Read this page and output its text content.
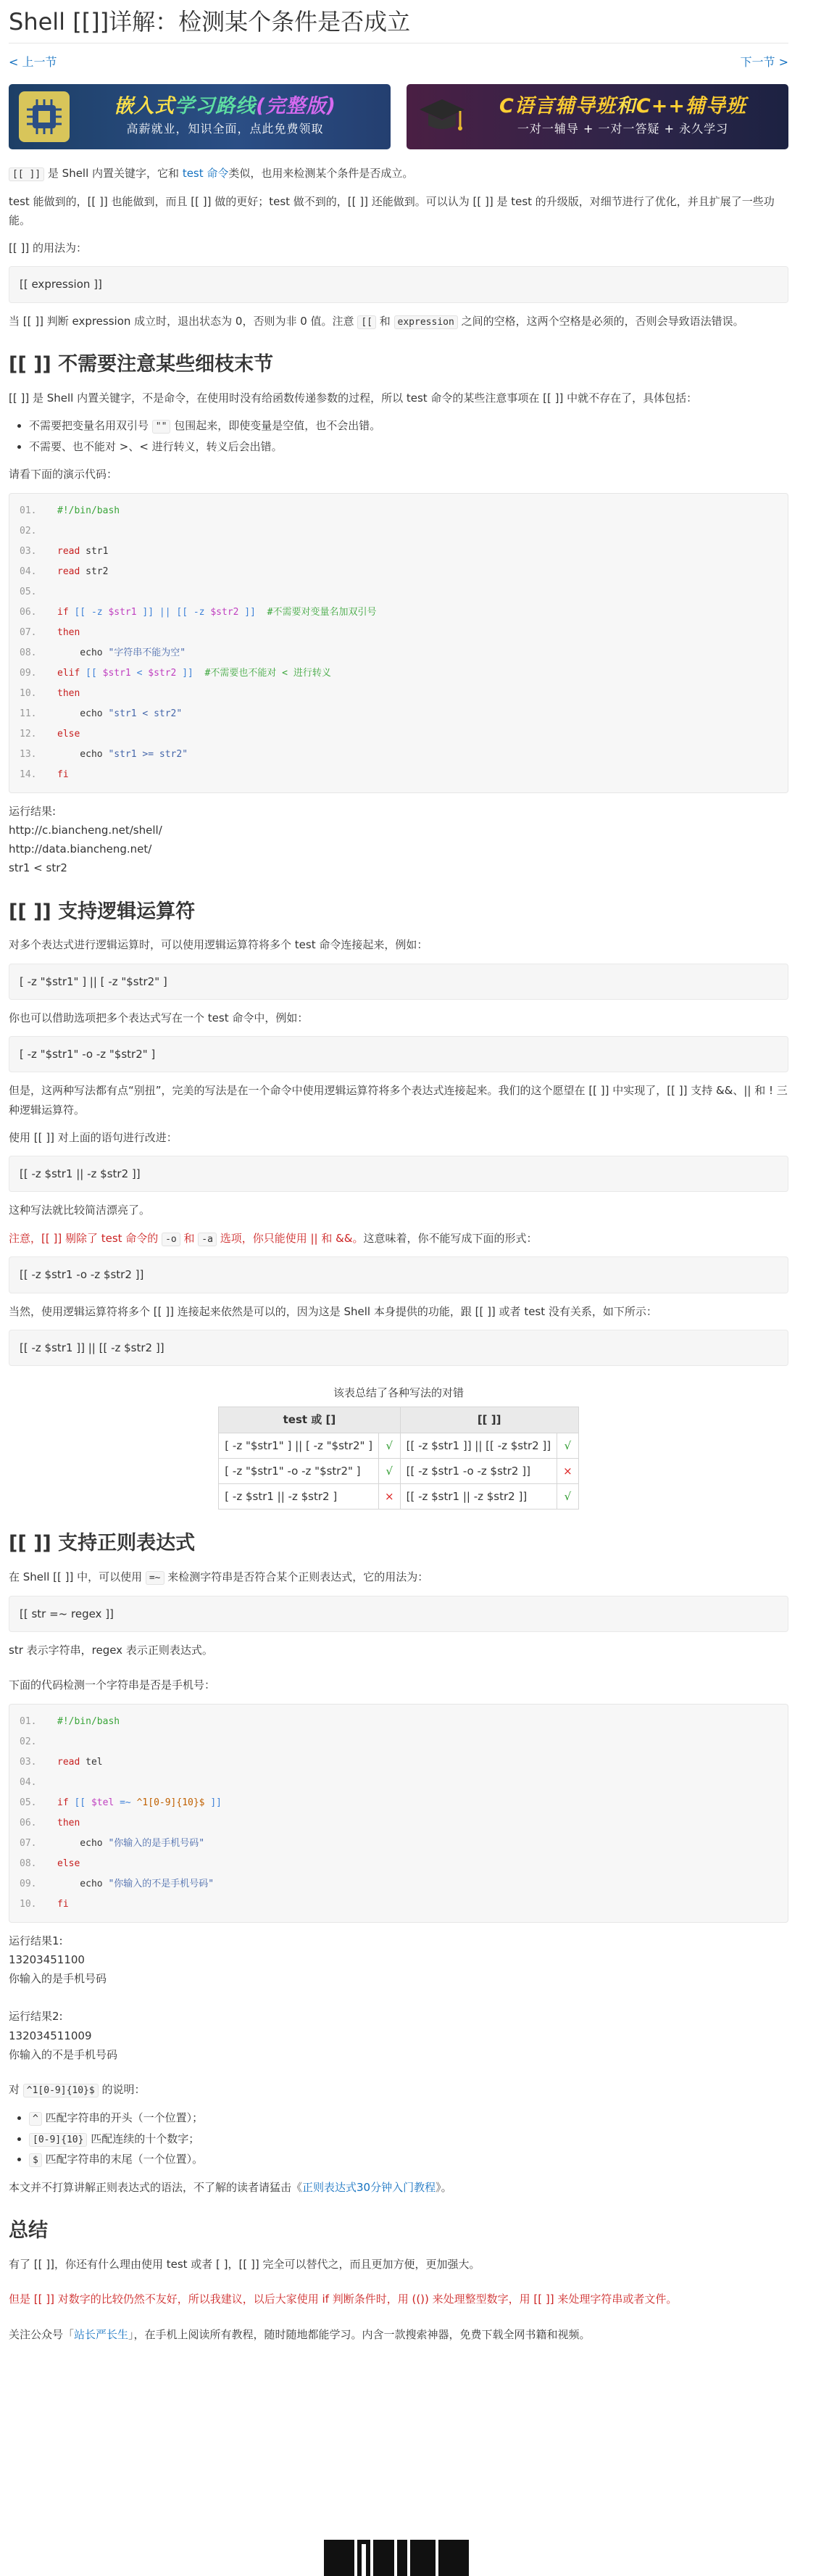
Shell [[]]详解：检测某个条件是否成立
< 上一节	下一节 >
嵌入式学习路线(完整版)
高薪就业，知识全面，点此免费领取
C语言辅导班和C++辅导班
一对一辅导 + 一对一答疑 + 永久学习

[[ ]] 是 Shell 内置关键字，它和 test 命令类似，也用来检测某个条件是否成立。

test 能做到的，[[ ]] 也能做到，而且 [[ ]] 做的更好；test 做不到的，[[ ]] 还能做到。可以认为 [[ ]] 是 test 的升级版，对细节进行了优化，并且扩展了一些功能。

[[ ]] 的用法为：

[[ expression ]]

当 [[ ]] 判断 expression 成立时，退出状态为 0，否则为非 0 值。注意 [[ 和 expression 之间的空格，这两个空格是必须的，否则会导致语法错误。

[[ ]] 不需要注意某些细枝末节

[[ ]] 是 Shell 内置关键字，不是命令，在使用时没有给函数传递参数的过程，所以 test 命令的某些注意事项在 [[ ]] 中就不存在了，具体包括：

• 不需要把变量名用双引号 "" 包围起来，即使变量是空值，也不会出错。
• 不需要、也不能对 >、< 进行转义，转义后会出错。

请看下面的演示代码：

01.	#!/bin/bash
02.

03.	read str1
04.	read str2
05.

06.	if [[ -z $str1 ]] || [[ -z $str2 ]]  #不需要对变量名加双引号
07.	then
08.	echo "字符串不能为空"
09.	elif [[ $str1 < $str2 ]]  #不需要也不能对 < 进行转义
10.	then
11.	echo "str1 < str2"
12.	else
13.	echo "str1 >= str2"
14.	fi

运行结果:

http://c.biancheng.net/shell/

http://data.biancheng.net/

str1 < str2

[[ ]] 支持逻辑运算符

对多个表达式进行逻辑运算时，可以使用逻辑运算符将多个 test 命令连接起来，例如：

[ -z "$str1" ] || [ -z "$str2" ]

你也可以借助选项把多个表达式写在一个 test 命令中，例如：

[ -z "$str1" -o -z "$str2" ]

但是，这两种写法都有点“别扭”，完美的写法是在一个命令中使用逻辑运算符将多个表达式连接起来。我们的这个愿望在 [[ ]] 中实现了，[[ ]] 支持 &&、|| 和 ! 三种逻辑运算符。

使用 [[ ]] 对上面的语句进行改进：

[[ -z $str1 || -z $str2 ]]

这种写法就比较简洁漂亮了。

注意，[[ ]] 剔除了 test 命令的 -o 和 -a 选项，你只能使用 || 和 &&。这意味着，你不能写成下面的形式：

[[ -z $str1 -o -z $str2 ]]

当然，使用逻辑运算符将多个 [[ ]] 连接起来依然是可以的，因为这是 Shell 本身提供的功能，跟 [[ ]] 或者 test 没有关系，如下所示：

[[ -z $str1 ]] || [[ -z $str2 ]]
该表总结了各种写法的对错
test 或 []		[[ ]]	
[ -z "$str1" ] || [ -z "$str2" ]	√	[[ -z $str1 ]] || [[ -z $str2 ]]	√
[ -z "$str1" -o -z "$str2" ]	√	[[ -z $str1 -o -z $str2 ]]	×
[ -z $str1 || -z $str2 ]	×	[[ -z $str1 || -z $str2 ]]	√
[[ ]] 支持正则表达式

在 Shell [[ ]] 中，可以使用 =~ 来检测字符串是否符合某个正则表达式，它的用法为：

[[ str =~ regex ]]

str 表示字符串，regex 表示正则表达式。

下面的代码检测一个字符串是否是手机号：

01.	#!/bin/bash
02.

03.	read tel
04.

05.	if [[ $tel =~ ^1[0-9]{10}$ ]]
06.	then
07.	echo "你输入的是手机号码"
08.	else
09.	echo "你输入的不是手机号码"
10.	fi

运行结果1:

13203451100

你输入的是手机号码

运行结果2:

132034511009

你输入的不是手机号码

对 ^1[0-9]{10}$ 的说明：

• ^ 匹配字符串的开头（一个位置）；
• [0-9]{10} 匹配连续的十个数字；
• $ 匹配字符串的末尾（一个位置）。

本文并不打算讲解正则表达式的语法，不了解的读者请猛击《正则表达式30分钟入门教程》。

总结

有了 [[ ]]，你还有什么理由使用 test 或者 [ ]，[[ ]] 完全可以替代之，而且更加方便，更加强大。

但是 [[ ]] 对数字的比较仍然不友好，所以我建议，以后大家使用 if 判断条件时，用 (()) 来处理整型数字，用 [[ ]] 来处理字符串或者文件。

关注公众号「站长严长生」，在手机上阅读所有教程，随时随地都能学习。内含一款搜索神器，免费下载全网书籍和视频。
